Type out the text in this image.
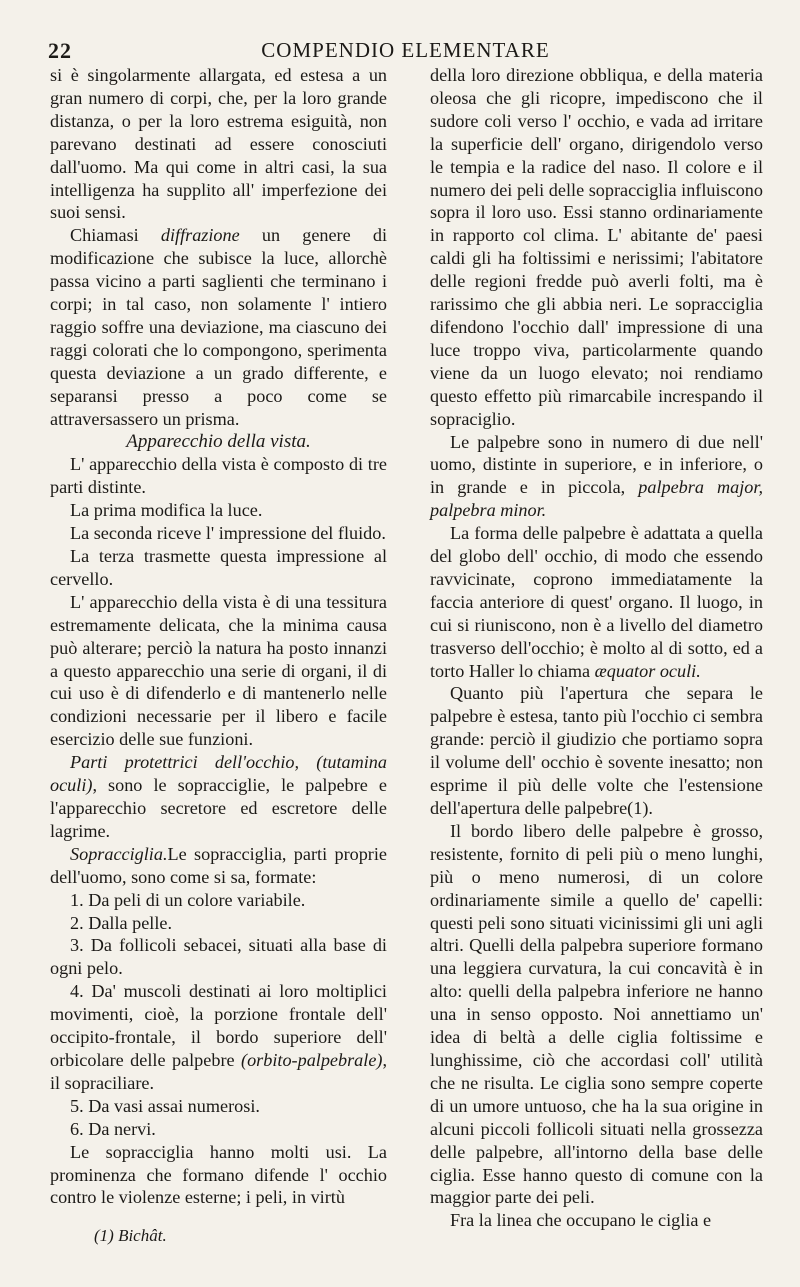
22	COMPENDIO ELEMENTARE

si è singolarmente allargata, ed estesa a un gran numero di corpi, che, per la loro grande distanza, o per la loro estrema esiguità, non parevano destinati ad essere conosciuti dall'uomo. Ma qui come in altri casi, la sua intelligenza ha supplito all' imperfezione dei suoi sensi.

Chiamasi diffrazione un genere di modificazione che subisce la luce, allorchè passa vicino a parti saglienti che terminano i corpi; in tal caso, non solamente l' intiero raggio soffre una deviazione, ma ciascuno dei raggi colorati che lo compongono, sperimenta questa deviazione a un grado differente, e separansi presso a poco come se attraversassero un prisma.

Apparecchio della vista.

L' apparecchio della vista è composto di tre parti distinte.

La prima modifica la luce.

La seconda riceve l' impressione del fluido.

La terza trasmette questa impressione al cervello.

L' apparecchio della vista è di una tessitura estremamente delicata, che la minima causa può alterare; perciò la natura ha posto innanzi a questo apparecchio una serie di organi, il di cui uso è di difenderlo e di mantenerlo nelle condizioni necessarie per il libero e facile esercizio delle sue funzioni.

Parti protettrici dell'occhio, (tutamina oculi), sono le sopracciglie, le palpebre e l'apparecchio secretore ed escretore delle lagrime.

Sopracciglia.Le sopracciglia, parti proprie dell'uomo, sono come si sa, formate:

1. Da peli di un colore variabile.

2. Dalla pelle.

3. Da follicoli sebacei, situati alla base di ogni pelo.

4. Da' muscoli destinati ai loro moltiplici movimenti, cioè, la porzione frontale dell' occipito-frontale, il bordo superiore dell' orbicolare delle palpebre (orbito-palpebrale), il sopraciliare.

5. Da vasi assai numerosi.

6. Da nervi.

Le sopracciglia hanno molti usi. La prominenza che formano difende l' occhio contro le violenze esterne; i peli, in virtù

della loro direzione obbliqua, e della materia oleosa che gli ricopre, impediscono che il sudore coli verso l' occhio, e vada ad irritare la superficie dell' organo, dirigendolo verso le tempia e la radice del naso. Il colore e il numero dei peli delle sopracciglia influiscono sopra il loro uso. Essi stanno ordinariamente in rapporto col clima. L' abitante de' paesi caldi gli ha foltissimi e nerissimi; l'abitatore delle regioni fredde può averli folti, ma è rarissimo che gli abbia neri. Le sopracciglia difendono l'occhio dall' impressione di una luce troppo viva, particolarmente quando viene da un luogo elevato; noi rendiamo questo effetto più rimarcabile increspando il sopraciglio.

Le palpebre sono in numero di due nell' uomo, distinte in superiore, e in inferiore, o in grande e in piccola, palpebra major, palpebra minor.

La forma delle palpebre è adattata a quella del globo dell' occhio, di modo che essendo ravvicinate, coprono immediatamente la faccia anteriore di quest' organo. Il luogo, in cui si riuniscono, non è a livello del diametro trasverso dell'occhio; è molto al di sotto, ed a torto Haller lo chiama æquator oculi.

Quanto più l'apertura che separa le palpebre è estesa, tanto più l'occhio ci sembra grande: perciò il giudizio che portiamo sopra il volume dell' occhio è sovente inesatto; non esprime il più delle volte che l'estensione dell'apertura delle palpebre(1).

Il bordo libero delle palpebre è grosso, resistente, fornito di peli più o meno lunghi, più o meno numerosi, di un colore ordinariamente simile a quello de' capelli: questi peli sono situati vicinissimi gli uni agli altri. Quelli della palpebra superiore formano una leggiera curvatura, la cui concavità è in alto: quelli della palpebra inferiore ne hanno una in senso opposto. Noi annettiamo un' idea di beltà a delle ciglia foltissime e lunghissime, ciò che accordasi coll' utilità che ne risulta. Le ciglia sono sempre coperte di un umore untuoso, che ha la sua origine in alcuni piccoli follicoli situati nella grossezza delle palpebre, all'intorno della base delle ciglia. Esse hanno questo di comune con la maggior parte dei peli.

Fra la linea che occupano le ciglia e

(1) Bichât.
